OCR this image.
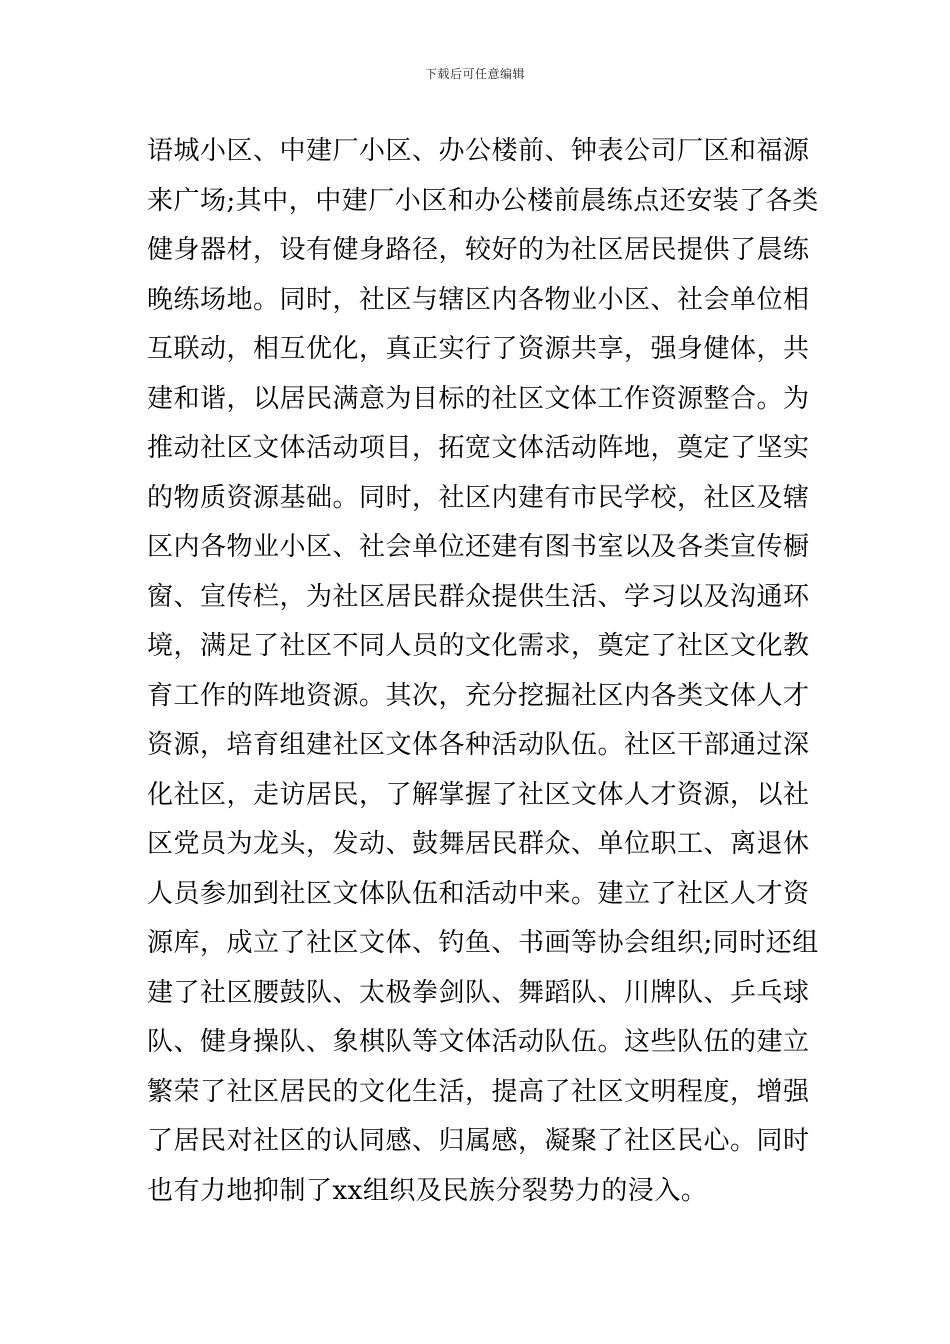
下载后可任意编辑
语城小区、中建厂小区、办公楼前、钟表公司厂区和福源
来广场;其中，中建厂小区和办公楼前晨练点还安装了各类
健身器材，设有健身路径，较好的为社区居民提供了晨练
晚练场地。同时，社区与辖区内各物业小区、社会单位相
互联动，相互优化，真正实行了资源共享，强身健体，共
建和谐，以居民满意为目标的社区文体工作资源整合。为
推动社区文体活动项目，拓宽文体活动阵地，奠定了坚实
的物质资源基础。同时，社区内建有市民学校，社区及辖
区内各物业小区、社会单位还建有图书室以及各类宣传橱
窗、宣传栏，为社区居民群众提供生活、学习以及沟通环
境，满足了社区不同人员的文化需求，奠定了社区文化教
育工作的阵地资源。其次，充分挖掘社区内各类文体人才
资源，培育组建社区文体各种活动队伍。社区干部通过深
化社区，走访居民，了解掌握了社区文体人才资源，以社
区党员为龙头，发动、鼓舞居民群众、单位职工、离退休
人员参加到社区文体队伍和活动中来。建立了社区人才资
源库，成立了社区文体、钓鱼、书画等协会组织;同时还组
建了社区腰鼓队、太极拳剑队、舞蹈队、川牌队、乒乓球
队、健身操队、象棋队等文体活动队伍。这些队伍的建立
繁荣了社区居民的文化生活，提高了社区文明程度，增强
了居民对社区的认同感、归属感，凝聚了社区民心。同时
也有力地抑制了xx组织及民族分裂势力的浸入。
